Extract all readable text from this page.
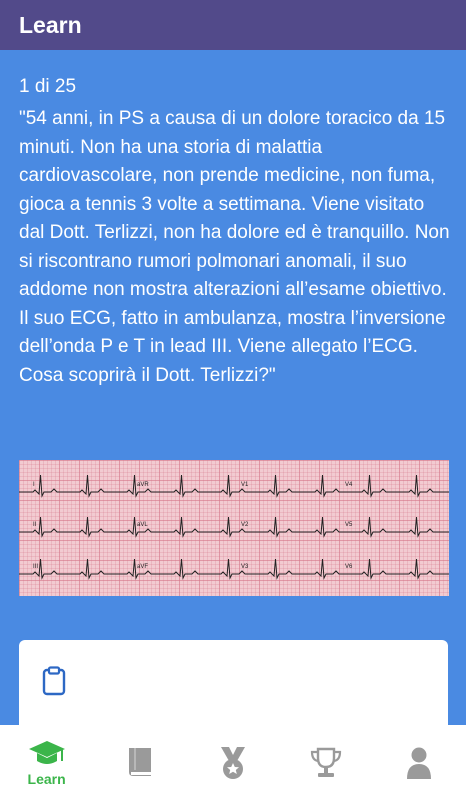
Learn
1 di 25
"54 anni, in PS a causa di un dolore toracico da 15 minuti. Non ha una storia di malattia cardiovascolare, non prende medicine, non fuma, gioca a tennis 3 volte a settimana. Viene visitato dal Dott. Terlizzi, non ha dolore ed è tranquillo. Non si riscontrano rumori polmonari anomali, il suo addome non mostra alterazioni all’esame obiettivo. Il suo ECG, fatto in ambulanza, mostra l’inversione dell’onda P e T in lead III. Viene allegato l’ECG. Cosa scoprirà il Dott. Terlizzi?"
I	aVR	V1	V4
II	aVL	V2	V5
III	aVF	V3	V6
Learn
